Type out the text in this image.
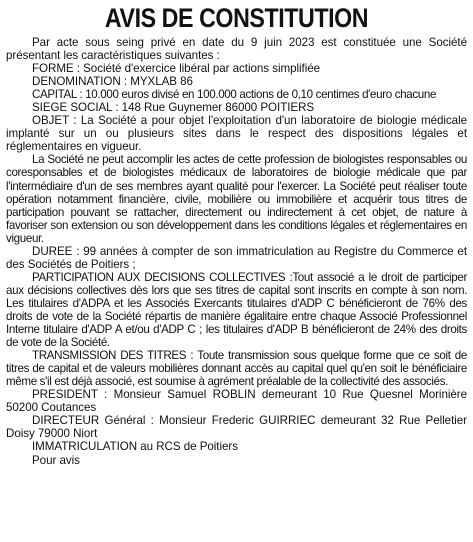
AVIS DE CONSTITUTION

Par acte sous seing privé en date du 9 juin 2023 est constituée une Société présentant les caractéristiques suivantes :

FORME : Société d'exercice libéral par actions simplifiée

DENOMINATION : MYXLAB 86

CAPITAL : 10.000 euros divisé en 100.000 actions de 0,10 centimes d'euro chacune

SIEGE SOCIAL : 148 Rue Guynemer 86000 POITIERS

OBJET : La Société a pour objet l'exploitation d'un laboratoire de biologie médicale implanté sur un ou plusieurs sites dans le respect des dispositions légales et réglementaires en vigueur.

La Société ne peut accomplir les actes de cette profession de biologistes responsables ou coresponsables et de biologistes médicaux de laboratoires de biologie médicale que par l'intermédiaire d'un de ses membres ayant qualité pour l'exercer. La Société peut réaliser toute opération notamment financière, civile, mobilière ou immobilière et acquérir tous titres de participation pouvant se rattacher, directement ou indirectement à cet objet, de nature à favoriser son extension ou son développement dans les conditions légales et réglementaires en vigueur.

DUREE : 99 années à compter de son immatriculation au Registre du Commerce et des Sociétés de Poitiers ;

PARTICIPATION AUX DECISIONS COLLECTIVES :Tout associé a le droit de participer aux décisions collectives dès lors que ses titres de capital sont inscrits en compte à son nom. Les titulaires d'ADPA et les Associés Exercants titulaires d'ADP C bénéficieront de 76% des droits de vote de la Société répartis de manière égalitaire entre chaque Associé Professionnel Interne titulaire d'ADP A et/ou d'ADP C ; les titulaires d'ADP B bénéficieront de 24% des droits de vote de la Société.

TRANSMISSION DES TITRES : Toute transmission sous quelque forme que ce soit de titres de capital et de valeurs mobilières donnant accès au capital quel qu'en soit le bénéficiaire même s'il est déjà associé, est soumise à agrément préalable de la collectivité des associés.

PRESIDENT : Monsieur Samuel ROBLIN demeurant 10 Rue Quesnel Morinière 50200 Coutances

DIRECTEUR Général : Monsieur Frederic GUIRRIEC demeurant 32 Rue Pelletier Doisy 79000 Niort

IMMATRICULATION au RCS de Poitiers

Pour avis
